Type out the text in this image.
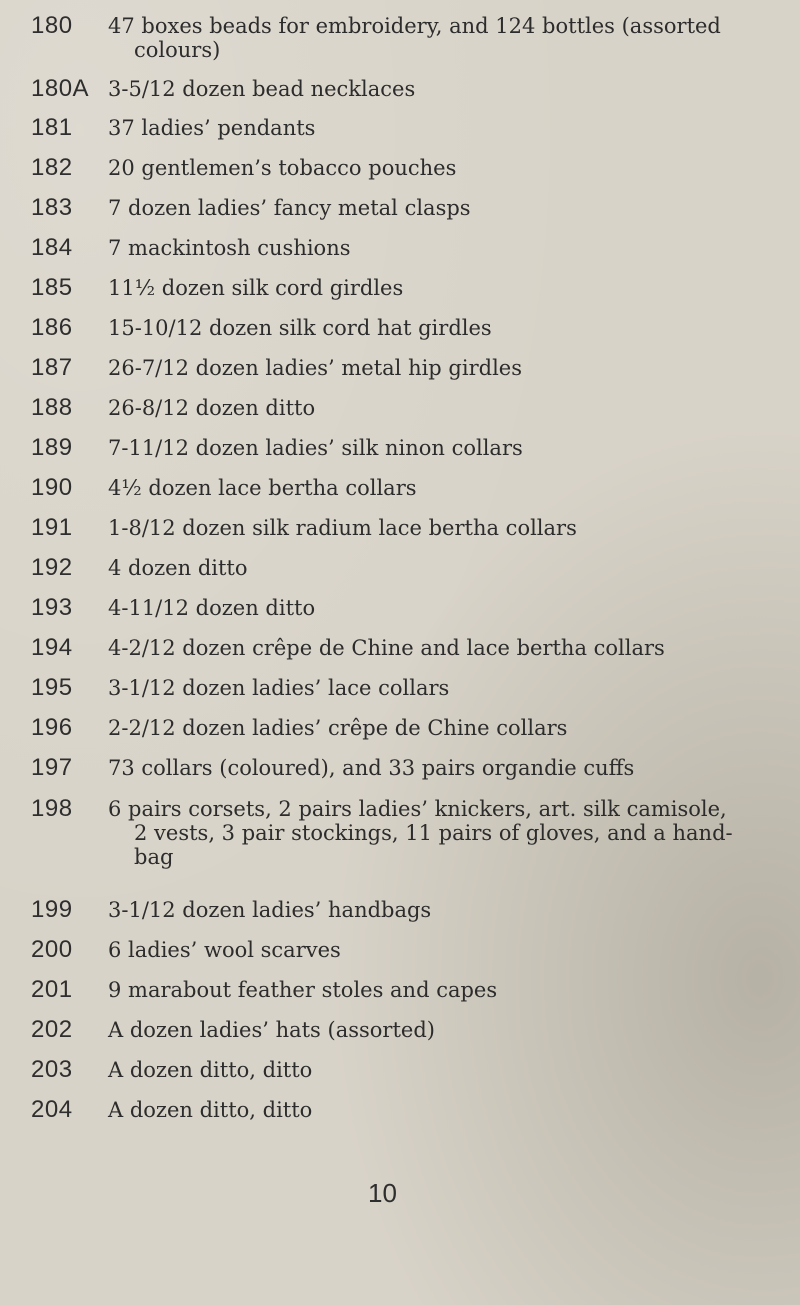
180	47 boxes beads for embroidery, and 124 bottles (assorted
colours)
180A 3-5/12 dozen bead necklaces
181	37 ladies’ pendants
182	20 gentlemen’s tobacco pouches
183	7 dozen ladies’ fancy metal clasps
184	7 mackintosh cushions
185	11½ dozen silk cord girdles
186	15-10/12 dozen silk cord hat girdles
187	26-7/12 dozen ladies’ metal hip girdles
188	26-8/12 dozen ditto
189	7-11/12 dozen ladies’ silk ninon collars
190	4½ dozen lace bertha collars
191	1-8/12 dozen silk radium lace bertha collars
192	4 dozen ditto
193	4-11/12 dozen ditto
194	4-2/12 dozen crêpe de Chine and lace bertha collars
195	3-1/12 dozen ladies’ lace collars
196	2-2/12 dozen ladies’ crêpe de Chine collars
197	73 collars (coloured), and 33 pairs organdie cuffs
198	6 pairs corsets, 2 pairs ladies’ knickers, art. silk camisole,
2 vests, 3 pair stockings, 11 pairs of gloves, and a hand-
bag
199	3-1/12 dozen ladies’ handbags
200	6 ladies’ wool scarves
201	9 marabout feather stoles and capes
202	A dozen ladies’ hats (assorted)
203	A dozen ditto, ditto
204	A dozen ditto, ditto
10
